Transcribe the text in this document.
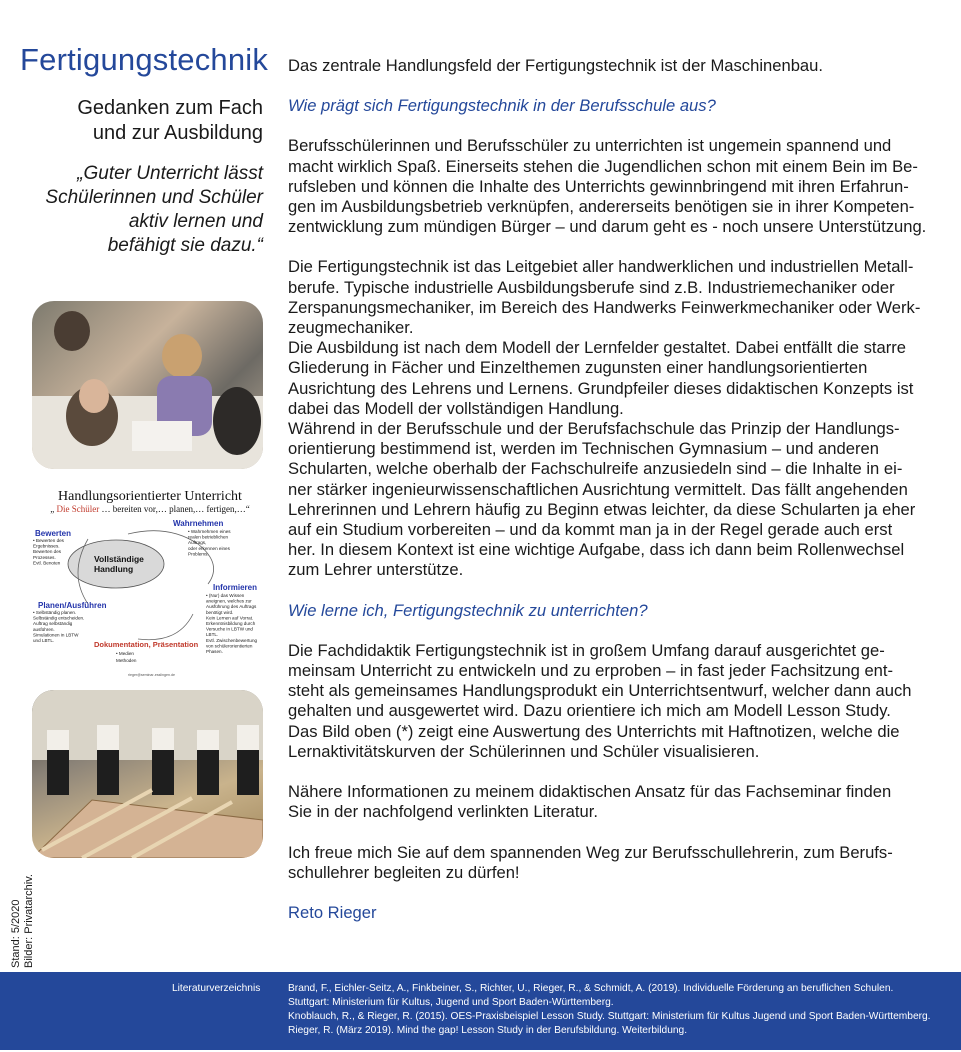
Fertigungstechnik
Gedanken zum Fach
und zur Ausbildung
„Guter Unterricht lässt
Schülerinnen und Schüler
aktiv lernen und
befähigt sie dazu.“
Handlungsorientierter Unterricht
„ Die Schüler … bereiten vor,… planen,… fertigen,…“
Vollständige
Handlung
Wahrnehmen
Bewerten
Informieren
Planen/Ausführen
Dokumentation, Präsentation
• Wahrnehmen eines
realen betrieblichen
Auftrags,
oder erkennen eines
Problems.
• Bewerten des
Ergebnisses.
Bewerten des
Prozesses.
Evtl. Benoten
• (Nur) das Wissen
aneignen, welches zur
Ausführung des Auftrags
benötigt wird.
Kein Lernen auf Vorrat.
Erkenntnisbildung durch
Versuche in LBTW und
LBTL.
Evtl. Zwischenbewertung
von schülerorientierten
Phasen.
• Selbständig planen.
Selbständig entscheiden.
Auftrag selbständig
ausführen.
Simulationen in LBTW
und LBTL.
• Medien
Methoden
rieger@seminar-esslingen.de

Das zentrale Handlungsfeld der Fertigungstechnik ist der Maschinenbau.

Wie prägt sich Fertigungstechnik in der Berufsschule aus?

Berufsschülerinnen und Berufsschüler zu unterrichten ist ungemein spannend und
macht wirklich Spaß. Einerseits stehen die Jugendlichen schon mit einem Bein im Be-
rufsleben und können die Inhalte des Unterrichts gewinnbringend mit ihren Erfahrun-
gen im Ausbildungsbetrieb verknüpfen, andererseits benötigen sie in ihrer Kompeten-
zentwicklung zum mündigen Bürger – und darum geht es - noch unsere Unterstützung.
Die Fertigungstechnik ist das Leitgebiet aller handwerklichen und industriellen Metall-
berufe. Typische industrielle Ausbildungsberufe sind z.B. Industriemechaniker oder
Zerspanungsmechaniker, im Bereich des Handwerks Feinwerkmechaniker oder Werk-
zeugmechaniker.
Die Ausbildung ist nach dem Modell der Lernfelder gestaltet. Dabei entfällt die starre
Gliederung in Fächer und Einzelthemen zugunsten einer handlungsorientierten
Ausrichtung des Lehrens und Lernens. Grundpfeiler dieses didaktischen Konzepts ist
dabei das Modell der vollständigen Handlung.
Während in der Berufsschule und der Berufsfachschule das Prinzip der Handlungs-
orientierung bestimmend ist, werden im Technischen Gymnasium – und anderen
Schularten, welche oberhalb der Fachschulreife anzusiedeln sind – die Inhalte in ei-
ner stärker ingenieurwissenschaftlichen Ausrichtung vermittelt. Das fällt angehenden
Lehrerinnen und Lehrern häufig zu Beginn etwas leichter, da diese Schularten ja eher
auf ein Studium vorbereiten – und da kommt man ja in der Regel gerade auch erst
her. In diesem Kontext ist eine wichtige Aufgabe, dass ich dann beim Rollenwechsel
zum Lehrer unterstütze.

Wie lerne ich, Fertigungstechnik zu unterrichten?

Die Fachdidaktik Fertigungstechnik ist in großem Umfang darauf ausgerichtet ge-
meinsam Unterricht zu entwickeln und zu erproben – in fast jeder Fachsitzung ent-
steht als gemeinsames Handlungsprodukt ein Unterrichtsentwurf, welcher dann auch
gehalten und ausgewertet wird. Dazu orientiere ich mich am Modell Lesson Study.
Das Bild oben (*) zeigt eine Auswertung des Unterrichts mit Haftnotizen, welche die
Lernaktivitätskurven der Schülerinnen und Schüler visualisieren.
Nähere Informationen zu meinem didaktischen Ansatz für das Fachseminar finden
Sie in der nachfolgend verlinkten Literatur.
Ich freue mich Sie auf dem spannenden Weg zur Berufsschullehrerin, zum Berufs-
schullehrer begleiten zu dürfen!

Reto Rieger

Stand: 5/2020 Bilder: Privatarchiv.
Literaturverzeichnis	Brand, F., Eichler-Seitz, A., Finkbeiner, S., Richter, U., Rieger, R., & Schmidt, A. (2019). Individuelle Förderung an beruflichen Schulen.
Stuttgart: Ministerium für Kultus, Jugend und Sport Baden-Württemberg.
Knoblauch, R., & Rieger, R. (2015). OES-Praxisbeispiel Lesson Study. Stuttgart: Ministerium für Kultus Jugend und Sport Baden-Württemberg.
Rieger, R. (März 2019). Mind the gap! Lesson Study in der Berufsbildung. Weiterbildung.
